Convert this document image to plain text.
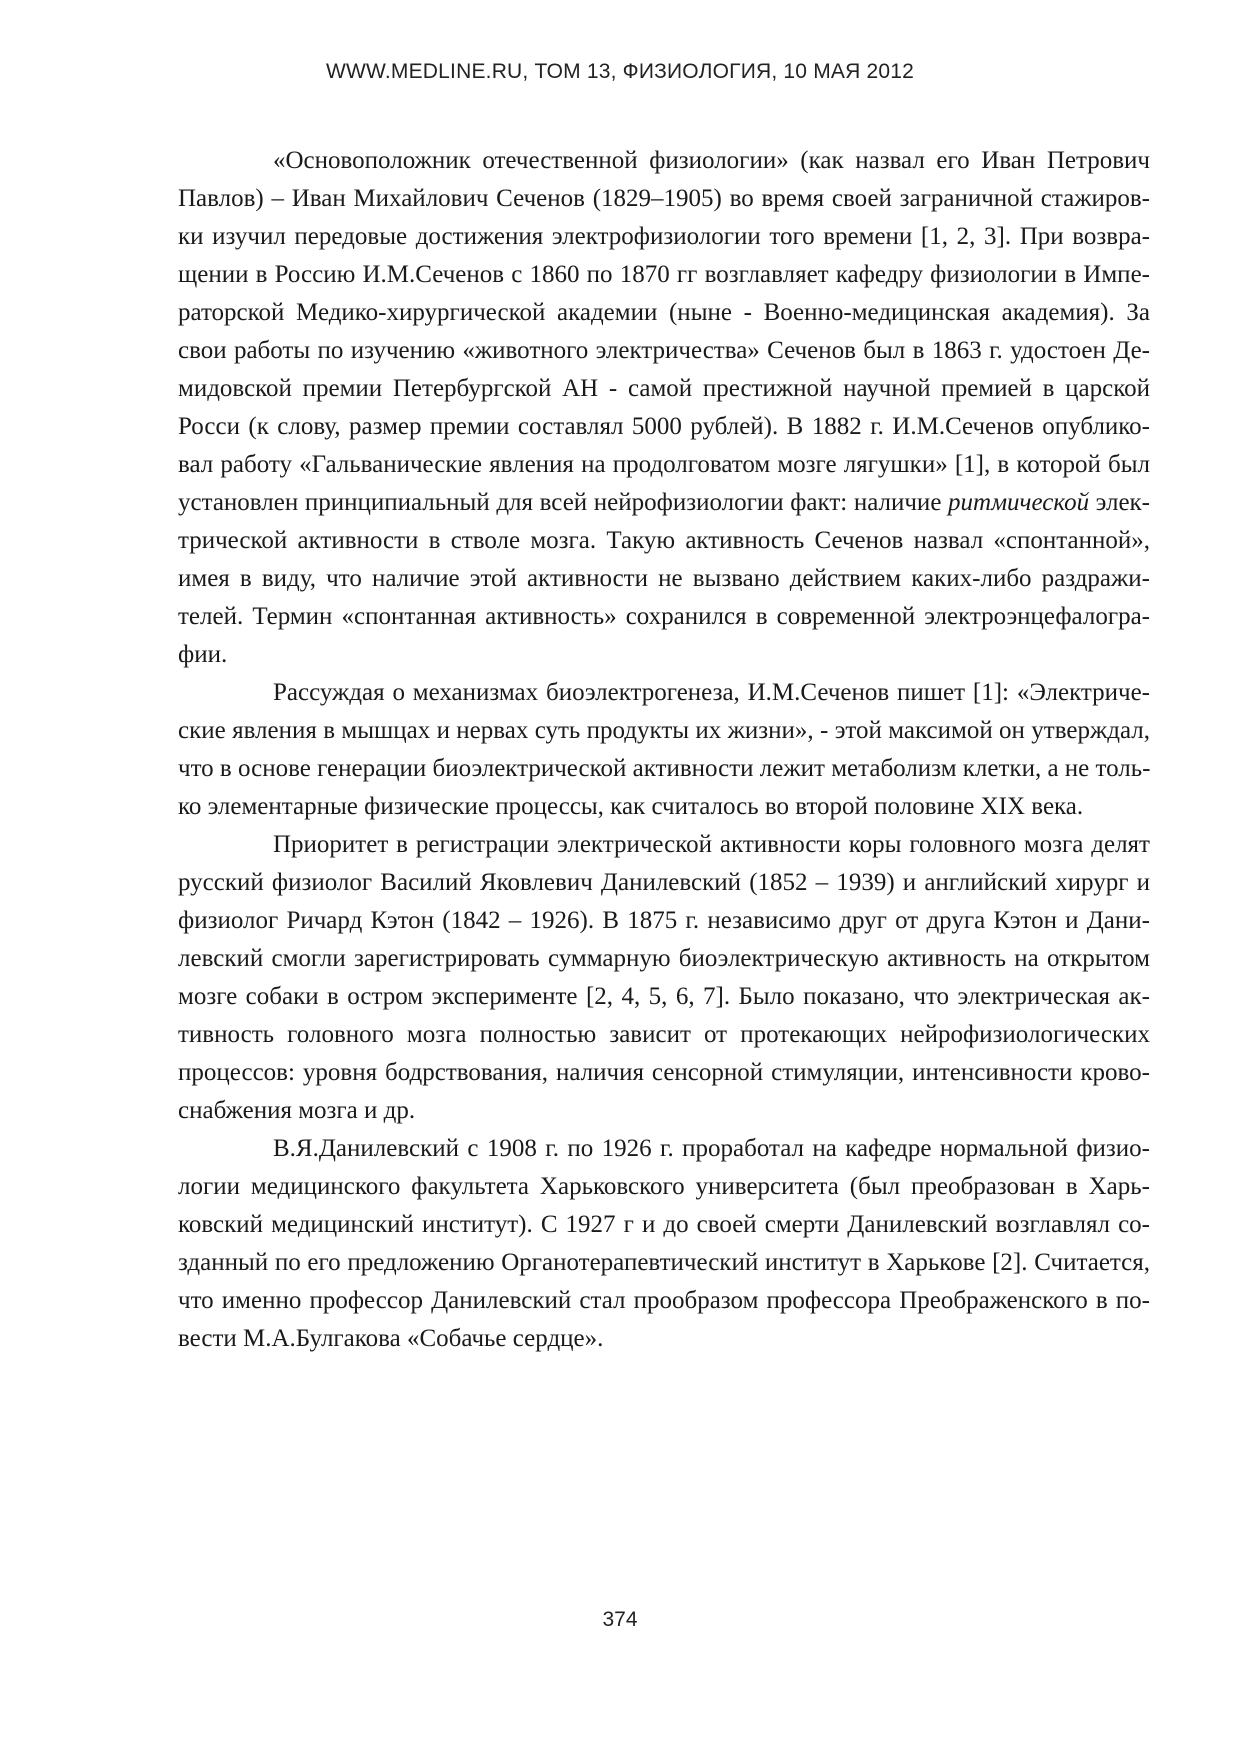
WWW.MEDLINE.RU, ТОМ 13, ФИЗИОЛОГИЯ, 10 МАЯ 2012
«Основоположник отечественной физиологии» (как назвал его Иван Петрович
Павлов) – Иван Михайлович Сеченов (1829–1905) во время своей заграничной стажиров-
ки изучил передовые достижения электрофизиологии того времени [1, 2, 3]. При возвра-
щении в Россию И.М.Сеченов с 1860 по 1870 гг возглавляет кафедру физиологии в Импе-
раторской Медико-хирургической академии (ныне - Военно-медицинская академия). За
свои работы по изучению «животного электричества» Сеченов был в 1863 г. удостоен Де-
мидовской премии Петербургской АН - самой престижной научной премией в царской
Росси (к слову, размер премии составлял 5000 рублей). В 1882 г. И.М.Сеченов опублико-
вал работу «Гальванические явления на продолговатом мозге лягушки» [1], в которой был
установлен принципиальный для всей нейрофизиологии факт: наличие ритмической элек-
трической активности в стволе мозга. Такую активность Сеченов назвал «спонтанной»,
имея в виду, что наличие этой активности не вызвано действием каких-либо раздражи-
телей. Термин «спонтанная активность» сохранился в современной электроэнцефалогра-
фии.
Рассуждая о механизмах биоэлектрогенеза, И.М.Сеченов пишет [1]: «Электриче-
ские явления в мышцах и нервах суть продукты их жизни», - этой максимой он утверждал,
что в основе генерации биоэлектрической активности лежит метаболизм клетки, а не толь-
ко элементарные физические процессы, как считалось во второй половине XIX века.
Приоритет в регистрации электрической активности коры головного мозга делят
русский физиолог Василий Яковлевич Данилевский (1852 – 1939) и английский хирург и
физиолог Ричард Кэтон (1842 – 1926). В 1875 г. независимо друг от друга Кэтон и Дани-
левский смогли зарегистрировать суммарную биоэлектрическую активность на открытом
мозге собаки в остром эксперименте [2, 4, 5, 6, 7]. Было показано, что электрическая ак-
тивность головного мозга полностью зависит от протекающих нейрофизиологических
процессов: уровня бодрствования, наличия сенсорной стимуляции, интенсивности крово-
снабжения мозга и др.
В.Я.Данилевский с 1908 г. по 1926 г. проработал на кафедре нормальной физио-
логии медицинского факультета Харьковского университета (был преобразован в Харь-
ковский медицинский институт). С 1927 г и до своей смерти Данилевский возглавлял со-
зданный по его предложению Органотерапевтический институт в Харькове [2]. Считается,
что именно профессор Данилевский стал прообразом профессора Преображенского в по-
вести М.А.Булгакова «Собачье сердце».
374
